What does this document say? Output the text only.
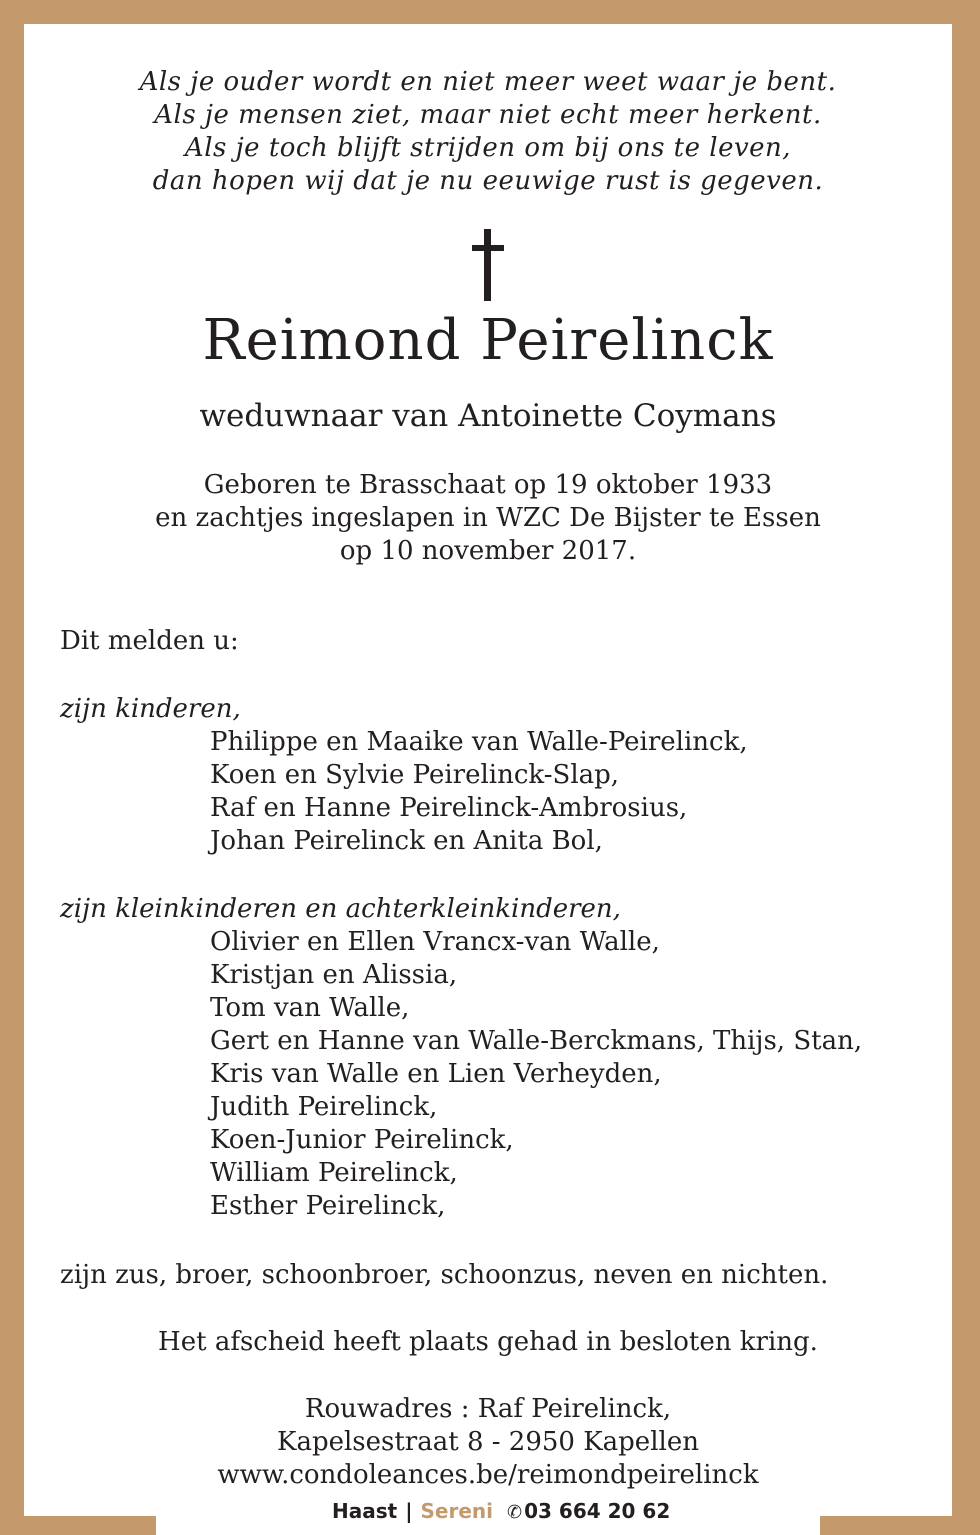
Als je ouder wordt en niet meer weet waar je bent.
Als je mensen ziet, maar niet echt meer herkent.
Als je toch blijft strijden om bij ons te leven,
dan hopen wij dat je nu eeuwige rust is gegeven.
Reimond Peirelinck
weduwnaar van Antoinette Coymans
Geboren te Brasschaat op 19 oktober 1933
en zachtjes ingeslapen in WZC De Bijster te Essen
op 10 november 2017.
Dit melden u:
zijn kinderen,
Philippe en Maaike van Walle-Peirelinck,
Koen en Sylvie Peirelinck-Slap,
Raf en Hanne Peirelinck-Ambrosius,
Johan Peirelinck en Anita Bol,
zijn kleinkinderen en achterkleinkinderen,
Olivier en Ellen Vrancx-van Walle,
Kristjan en Alissia,
Tom van Walle,
Gert en Hanne van Walle-Berckmans, Thijs, Stan,
Kris van Walle en Lien Verheyden,
Judith Peirelinck,
Koen-Junior Peirelinck,
William Peirelinck,
Esther Peirelinck,
zijn zus, broer, schoonbroer, schoonzus, neven en nichten.
Het afscheid heeft plaats gehad in besloten kring.
Rouwadres : Raf Peirelinck,
Kapelsestraat 8 - 2950 Kapellen
www.condoleances.be/reimondpeirelinck
Haast | Sereni ✆ 03 664 20 62
